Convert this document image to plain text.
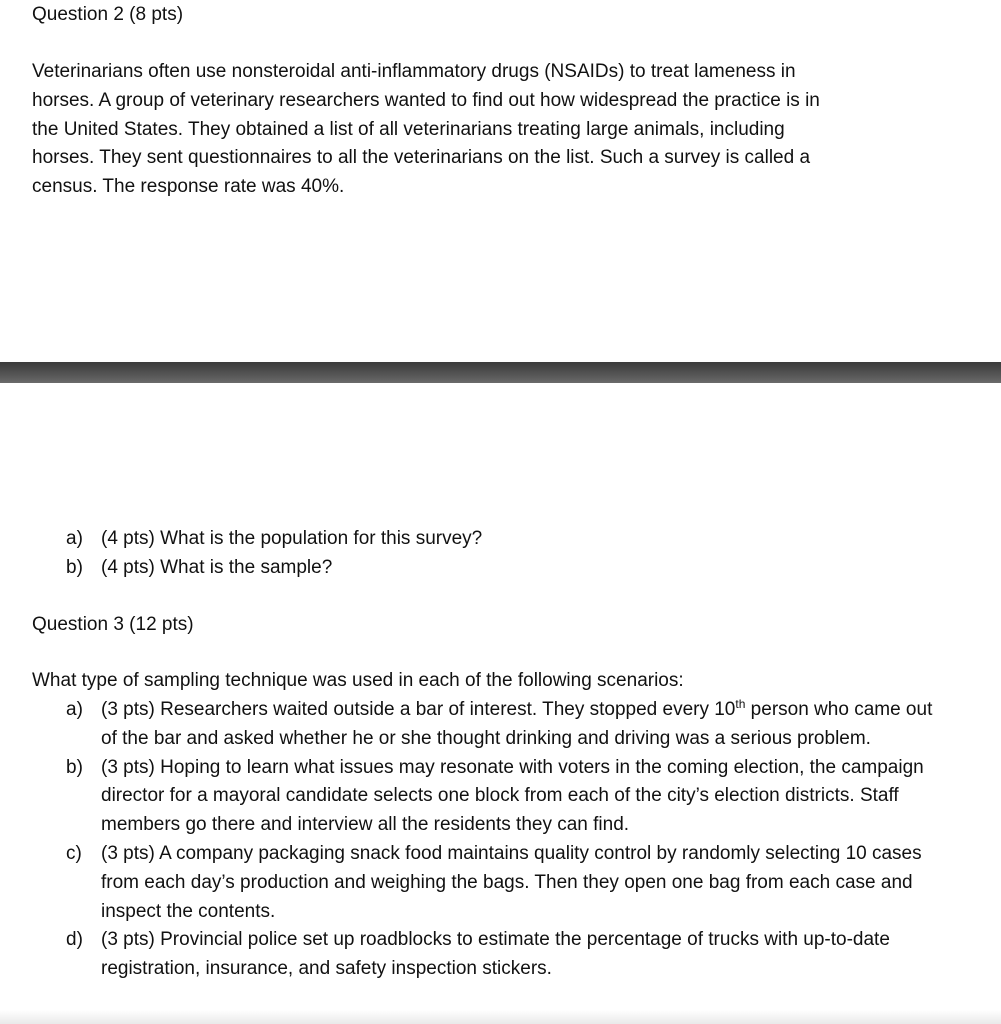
Question 2 (8 pts)

Veterinarians often use nonsteroidal anti-inflammatory drugs (NSAIDs) to treat lameness in

horses. A group of veterinary researchers wanted to find out how widespread the practice is in

the United States. They obtained a list of all veterinarians treating large animals, including

horses. They sent questionnaires to all the veterinarians on the list. Such a survey is called a

census. The response rate was 40%.

a) (4 pts) What is the population for this survey?
b) (4 pts) What is the sample?
Question 3 (12 pts)
What type of sampling technique was used in each of the following scenarios:
a) (3 pts) Researchers waited outside a bar of interest. They stopped every 10th person who came out of the bar and asked whether he or she thought drinking and driving was a serious problem.
b) (3 pts) Hoping to learn what issues may resonate with voters in the coming election, the campaign director for a mayoral candidate selects one block from each of the city’s election districts. Staff members go there and interview all the residents they can find.
c) (3 pts) A company packaging snack food maintains quality control by randomly selecting 10 cases from each day’s production and weighing the bags. Then they open one bag from each case and inspect the contents.
d) (3 pts) Provincial police set up roadblocks to estimate the percentage of trucks with up-to-date registration, insurance, and safety inspection stickers.
